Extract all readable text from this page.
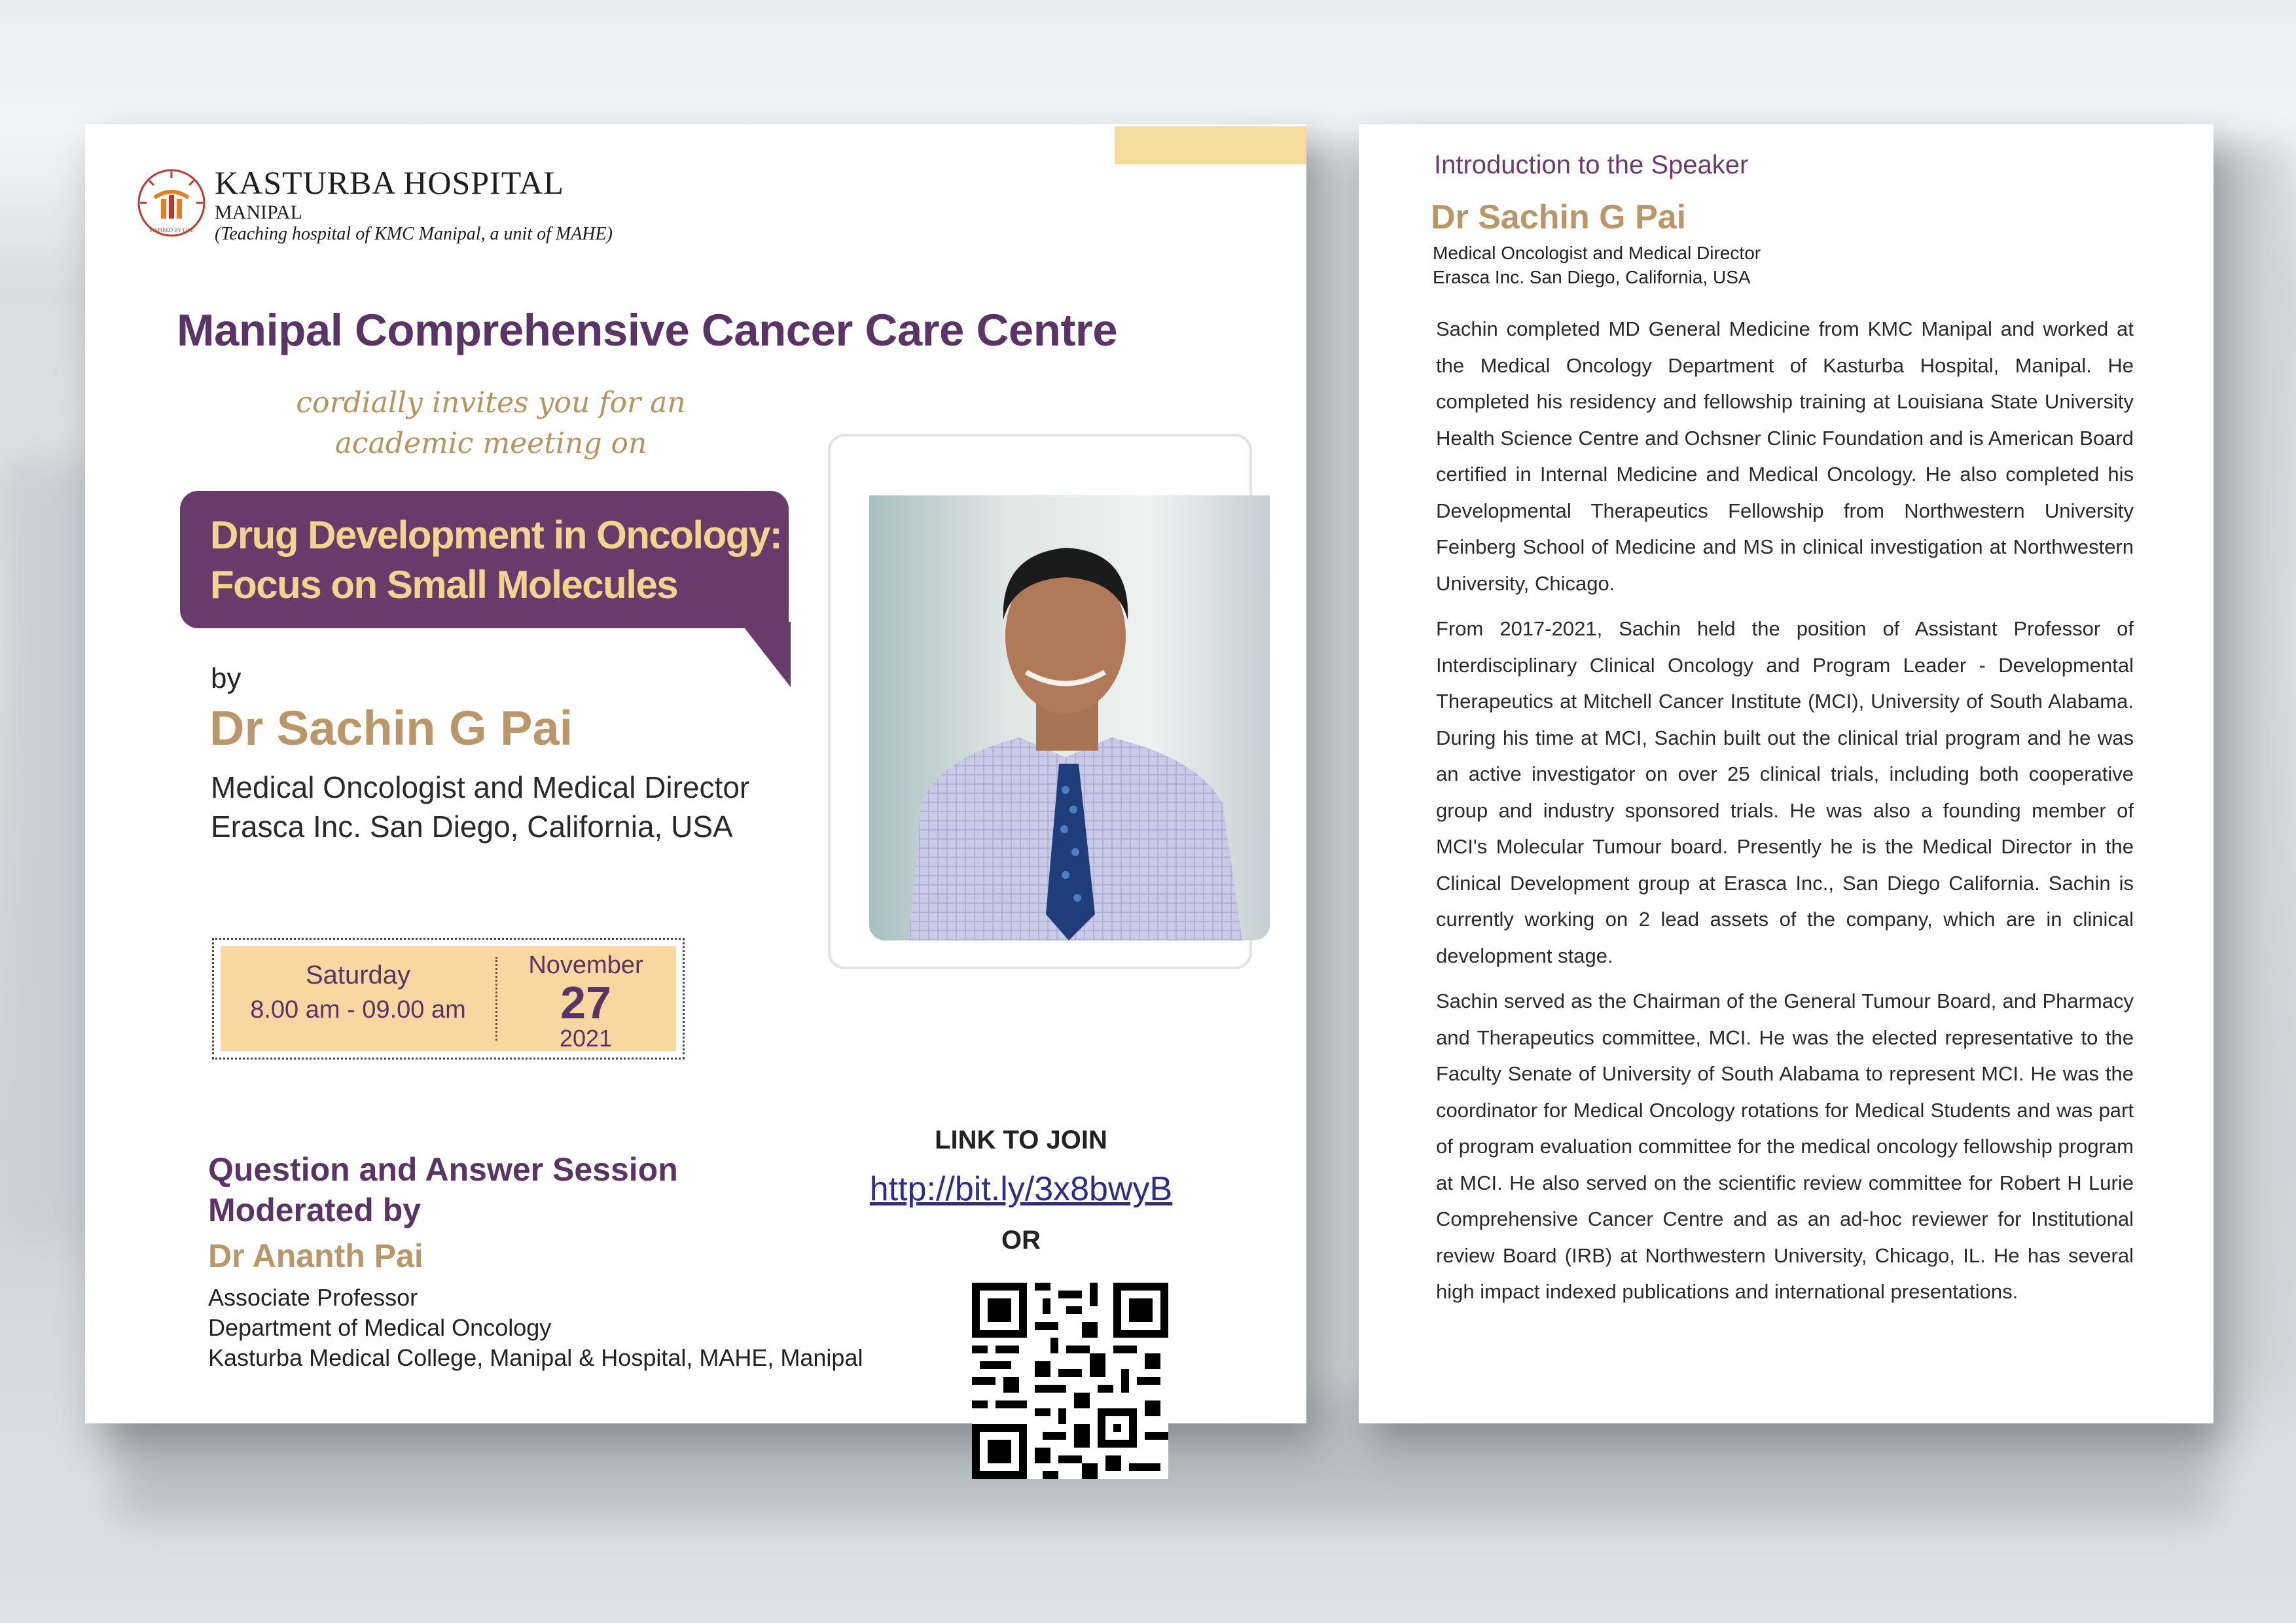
INSPIRED BY LIFE
KASTURBA HOSPITAL
MANIPAL
(Teaching hospital of KMC Manipal, a unit of MAHE)
Manipal Comprehensive Cancer Care Centre
cordially invites you for an
academic meeting on
Drug Development in Oncology:
Focus on Small Molecules
by
Dr Sachin G Pai
Medical Oncologist and Medical Director
Erasca Inc. San Diego, California, USA
Saturday
8.00 am - 09.00 am
November
27
2021
Question and Answer Session
Moderated by
Dr Ananth Pai
Associate Professor
Department of Medical Oncology
Kasturba Medical College, Manipal & Hospital, MAHE, Manipal
LINK TO JOIN
http://bit.ly/3x8bwyB
OR
Introduction to the Speaker
Dr Sachin G Pai
Medical Oncologist and Medical Director
Erasca Inc. San Diego, California, USA

Sachin completed MD General Medicine from KMC Manipal and worked at the Medical Oncology Department of Kasturba Hospital, Manipal. He completed his residency and fellowship training at Louisiana State University Health Science Centre and Ochsner Clinic Foundation and is American Board certified in Internal Medicine and Medical Oncology. He also completed his Developmental Therapeutics Fellowship from Northwestern University Feinberg School of Medicine and MS in clinical investigation at Northwestern University, Chicago.

From 2017-2021, Sachin held the position of Assistant Professor of Interdisciplinary Clinical Oncology and Program Leader - Developmental Therapeutics at Mitchell Cancer Institute (MCI), University of South Alabama. During his time at MCI, Sachin built out the clinical trial program and he was an active investigator on over 25 clinical trials, including both cooperative group and industry sponsored trials. He was also a founding member of MCI's Molecular Tumour board. Presently he is the Medical Director in the Clinical Development group at Erasca Inc., San Diego California. Sachin is currently working on 2 lead assets of the company, which are in clinical development stage.

Sachin served as the Chairman of the General Tumour Board, and Pharmacy and Therapeutics committee, MCI. He was the elected representative to the Faculty Senate of University of South Alabama to represent MCI. He was the coordinator for Medical Oncology rotations for Medical Students and was part of program evaluation committee for the medical oncology fellowship program at MCI. He also served on the scientific review committee for Robert H Lurie Comprehensive Cancer Centre and as an ad-hoc reviewer for Institutional review Board (IRB) at Northwestern University, Chicago, IL. He has several high impact indexed publications and international presentations.
